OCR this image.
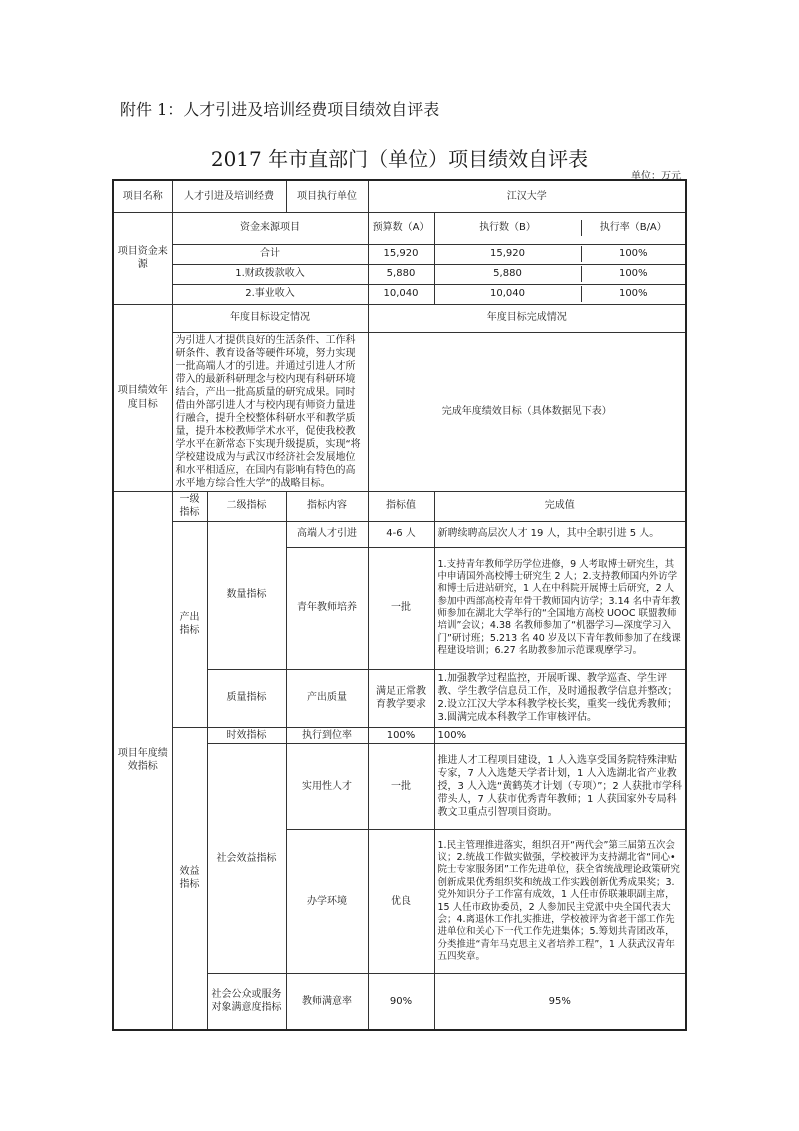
附件 1：人才引进及培训经费项目绩效自评表
2017 年市直部门（单位）项目绩效自评表
单位：万元
项目名称	人才引进及培训经费	项目执行单位	江汉大学
项目资金来源	资金来源项目	预算数（A）		执行数（B）	执行率（B/A）

合计	15,920		15,920	100%

1.财政拨款收入	5,880		5,880	100%

2.事业收入	10,040		10,040	100%

项目绩效年度目标	年度目标设定情况	年度目标完成情况
为引进人才提供良好的生活条件、工作科研条件、教育设备等硬件环境，努力实现一批高端人才的引进。并通过引进人才所带入的最新科研理念与校内现有科研环境结合，产出一批高质量的研究成果。同时借由外部引进人才与校内现有师资力量进行融合，提升全校整体科研水平和教学质量，提升本校教师学术水平，促使我校教学水平在新常态下实现升级提质，实现“将学校建设成为与武汉市经济社会发展地位和水平相适应，在国内有影响有特色的高水平地方综合性大学”的战略目标。	完成年度绩效目标（具体数据见下表）
项目年度绩效指标	一级指标	二级指标	指标内容	指标值	完成值
产出指标	数量指标	高端人才引进	4-6 人	新聘续聘高层次人才 19 人，其中全职引进 5 人。
青年教师培养	一批	1.支持青年教师学历学位进修，9 人考取博士研究生，其中申请国外高校博士研究生 2 人；2.支持教师国内外访学和博士后进站研究，1 人在中科院开展博士后研究，2 人参加中西部高校青年骨干教师国内访学；3.14 名中青年教师参加在湖北大学举行的“全国地方高校 UOOC 联盟教师培训”会议；4.38 名教师参加了“机器学习—深度学习入门”研讨班；5.213 名 40 岁及以下青年教师参加了在线课程建设培训；6.27 名助教参加示范课观摩学习。
质量指标	产出质量	满足正常教育教学要求	1.加强教学过程监控，开展听课、教学巡查、学生评教、学生教学信息员工作，及时通报教学信息并整改；2.设立江汉大学本科教学校长奖，重奖一线优秀教师；3.圆满完成本科教学工作审核评估。
效益指标	时效指标	执行到位率	100%	100%
社会效益指标	实用性人才	一批	推进人才工程项目建设，1 人入选享受国务院特殊津贴专家，7 人入选楚天学者计划，1 人入选湖北省产业教授，3 人入选“黄鹤英才计划（专项）”；2 人获批市学科带头人，7 人获市优秀青年教师；1 人获国家外专局科教文卫重点引智项目资助。
办学环境	优良	1.民主管理推进落实，组织召开“两代会”第三届第五次会议；2.统战工作做实做强，学校被评为支持湖北省“同心•院士专家服务团”工作先进单位，获全省统战理论政策研究创新成果优秀组织奖和统战工作实践创新优秀成果奖；3.党外知识分子工作富有成效，1 人任市侨联兼职副主席，15 人任市政协委员，2 人参加民主党派中央全国代表大会；4.离退休工作扎实推进，学校被评为省老干部工作先进单位和关心下一代工作先进集体；5.筹划共青团改革，分类推进“青年马克思主义者培养工程”，1 人获武汉青年五四奖章。
社会公众或服务对象满意度指标	教师满意率	90%	95%
